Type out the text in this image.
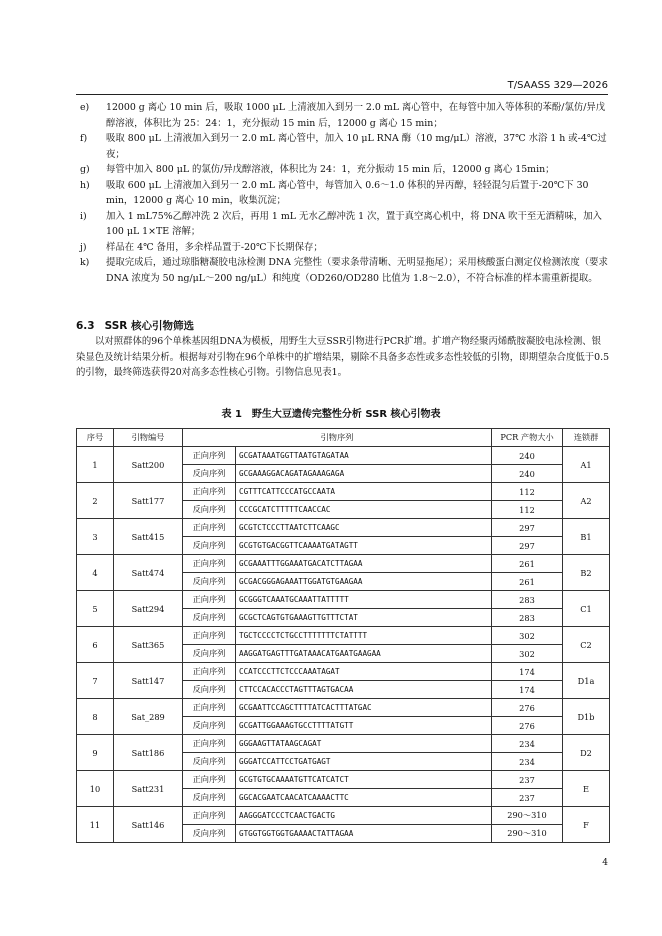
T/SAASS 329—2026
e)	12000 g 离心 10 min 后，吸取 1000 μL 上清液加入到另一 2.0 mL 离心管中，在每管中加入等体积的苯酚/氯仿/异戊醇溶液，体积比为 25：24：1，充分振动 15 min 后，12000 g 离心 15 min；
f)	吸取 800 μL 上清液加入到另一 2.0 mL 离心管中，加入 10 μL RNA 酶（10 mg/μL）溶液，37℃ 水浴 1 h 或-4℃过夜；
g)	每管中加入 800 μL 的氯仿/异戊醇溶液，体积比为 24：1，充分振动 15 min 后，12000 g 离心 15min；
h)	吸取 600 μL 上清液加入到另一 2.0 mL 离心管中，每管加入 0.6～1.0 体积的异丙醇，轻轻混匀后置于-20℃下 30 min，12000 g 离心 10 min，收集沉淀；
i)	加入 1 mL75%乙醇冲洗 2 次后，再用 1 mL 无水乙醇冲洗 1 次，置于真空离心机中，将 DNA 吹干至无酒精味，加入 100 μL 1×TE 溶解；
j)	样品在 4℃ 备用，多余样品置于-20℃下长期保存；
k)	提取完成后，通过琼脂糖凝胶电泳检测 DNA 完整性（要求条带清晰、无明显拖尾）；采用核酸蛋白测定仪检测浓度（要求 DNA 浓度为 50 ng/μL～200 ng/μL）和纯度（OD260/OD280 比值为 1.8～2.0），不符合标准的样本需重新提取。
6.3 SSR 核心引物筛选
以对照群体的96个单株基因组DNA为模板，用野生大豆SSR引物进行PCR扩增。扩增产物经聚丙烯酰胺凝胶电泳检测、银染显色及统计结果分析。根据每对引物在96个单株中的扩增结果，剔除不具备多态性或多态性较低的引物，即期望杂合度低于0.5的引物，最终筛选获得20对高多态性核心引物。引物信息见表1。
表 1　野生大豆遗传完整性分析 SSR 核心引物表
序号	引物编号	引物序列		PCR 产物大小	连锁群
1	Satt200	正向序列	GCGATAAATGGTTAATGTAGATAA	240	A1
		反向序列	GCGAAAGGACAGATAGAAAGAGA	240	
2	Satt177	正向序列	CGTTTCATTCCCATGCCAATA	112	A2
		反向序列	CCCGCATCTTTTTCAACCAC	112	
3	Satt415	正向序列	GCGTCTCCCTTAATCTTCAAGC	297	B1
		反向序列	GCGTGTGACGGTTCAAAATGATAGTT	297	
4	Satt474	正向序列	GCGAAATTTGGAAATGACATCTTAGAA	261	B2
		反向序列	GCGACGGGAGAAATTGGATGTGAAGAA	261	
5	Satt294	正向序列	GCGGGTCAAATGCAAATTATTTTT	283	C1
		反向序列	GCGCTCAGTGTGAAAGTTGTTTCTAT	283	
6	Satt365	正向序列	TGCTCCCCTCTGCCTTTTTTTCTATTTT	302	C2
		反向序列	AAGGATGAGTTTGATAAACATGAATGAAGAA	302	
7	Satt147	正向序列	CCATCCCTTCTCCCAAATAGAT	174	D1a
		反向序列	CTTCCACACCCTAGTTTAGTGACAA	174	
8	Sat_289	正向序列	GCGAATTCCAGCTTTTATCACTTTATGAC	276	D1b
		反向序列	GCGATTGGAAAGTGCCTTTTATGTT	276	
9	Satt186	正向序列	GGGAAGTTATAAGCAGAT	234	D2
		反向序列	GGGATCCATTCCTGATGAGT	234	
10	Satt231	正向序列	GCGTGTGCAAAATGTTCATCATCT	237	E
		反向序列	GGCACGAATCAACATCAAAACTTC	237	
11	Satt146	正向序列	AAGGGATCCCTCAACTGACTG	290～310	F
		反向序列	GTGGTGGTGGTGAAAACTATTAGAA	290～310	
4
